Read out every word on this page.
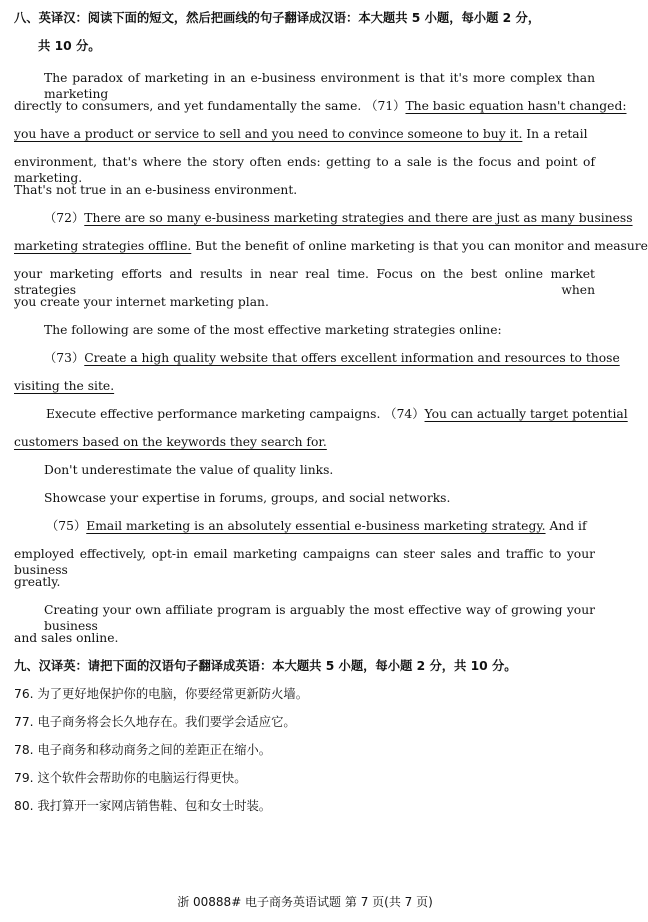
八、英译汉：阅读下面的短文，然后把画线的句子翻译成汉语：本大题共 5 小题，每小题 2 分，
共 10 分。
The paradox of marketing in an e-business environment is that it's more complex than marketing
directly to consumers, and yet fundamentally the same. （71）The basic equation hasn't changed:
you have a product or service to sell and you need to convince someone to buy it. In a retail
environment, that's where the story often ends: getting to a sale is the focus and point of marketing.
That's not true in an e-business environment.
（72）There are so many e-business marketing strategies and there are just as many business
marketing strategies offline. But the benefit of online marketing is that you can monitor and measure
your marketing efforts and results in near real time. Focus on the best online market strategies when
you create your internet marketing plan.
The following are some of the most effective marketing strategies online:
（73）Create a high quality website that offers excellent information and resources to those
visiting the site.
Execute effective performance marketing campaigns. （74）You can actually target potential
customers based on the keywords they search for.
Don't underestimate the value of quality links.
Showcase your expertise in forums, groups, and social networks.
（75）Email marketing is an absolutely essential e-business marketing strategy. And if
employed effectively, opt-in email marketing campaigns can steer sales and traffic to your business
greatly.
Creating your own affiliate program is arguably the most effective way of growing your business
and sales online.
九、汉译英：请把下面的汉语句子翻译成英语：本大题共 5 小题，每小题 2 分，共 10 分。
76. 为了更好地保护你的电脑，你要经常更新防火墙。
77. 电子商务将会长久地存在。我们要学会适应它。
78. 电子商务和移动商务之间的差距正在缩小。
79. 这个软件会帮助你的电脑运行得更快。
80. 我打算开一家网店销售鞋、包和女士时装。
浙 00888# 电子商务英语试题 第 7 页(共 7 页)
